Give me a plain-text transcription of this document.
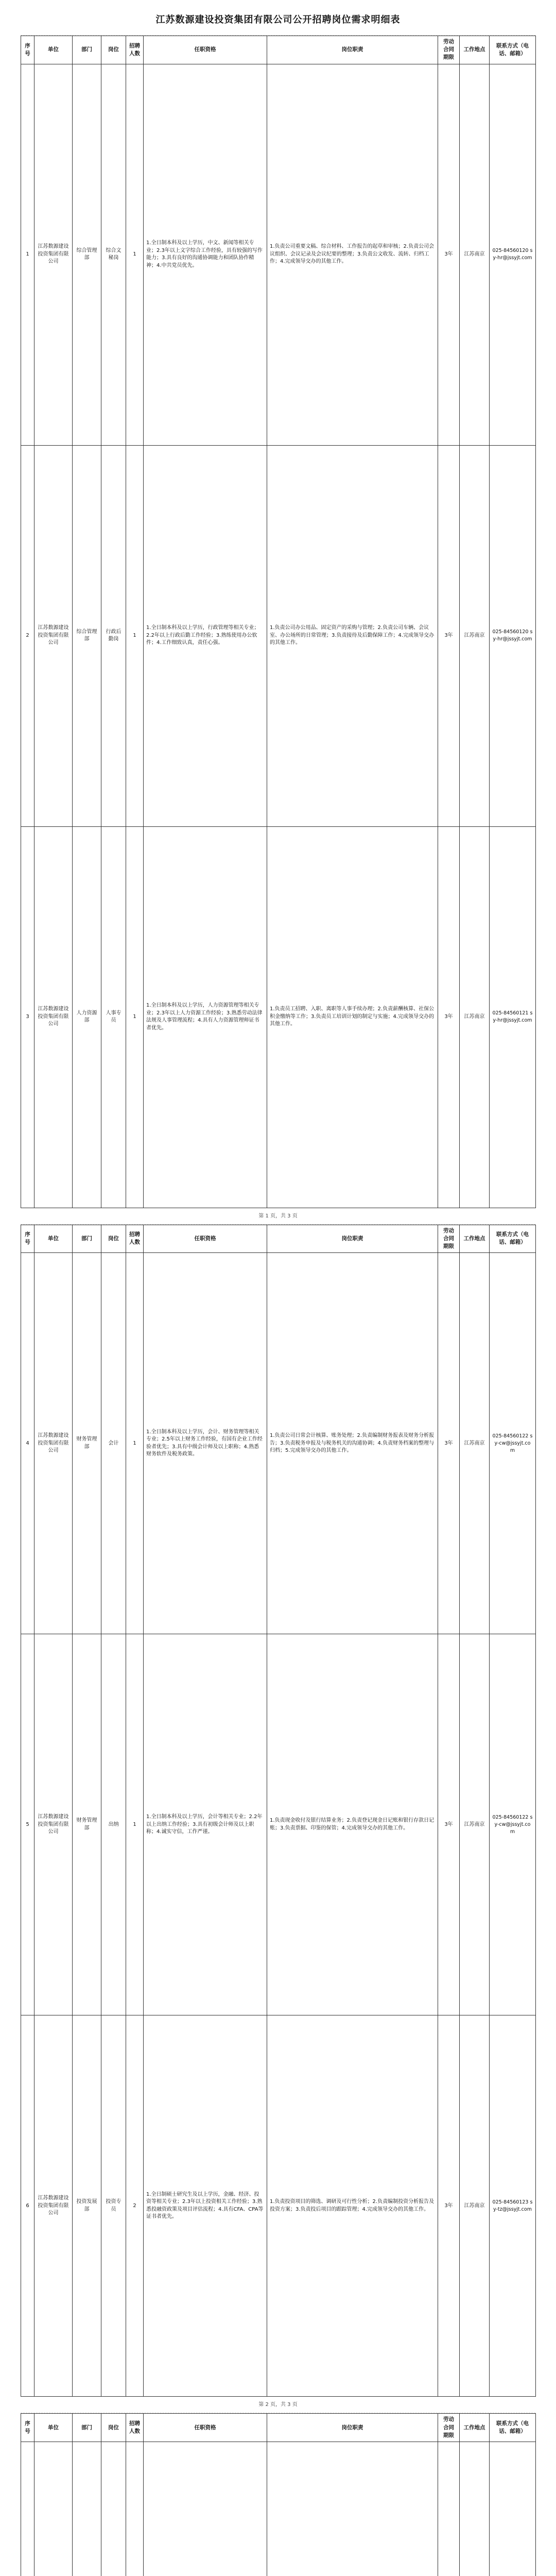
江苏数源建设投资集团有限公司公开招聘岗位需求明细表
序号	单位	部门	岗位	招聘人数	任职资格	岗位职责	劳动合同期限	工作地点	联系方式（电话、邮箱）
1	江苏数源建设投资集团有限公司	综合管理部	综合文秘岗	1	1.全日制本科及以上学历，中文、新闻等相关专业；2.3年以上文字综合工作经验，具有较强的写作能力；3.具有良好的沟通协调能力和团队协作精神；4.中共党员优先。	1.负责公司重要文稿、综合材料、工作报告的起草和审核；2.负责公司会议组织、会议记录及会议纪要的整理；3.负责公文收发、流转、归档工作；4.完成领导交办的其他工作。	3年	江苏南京	025-84560120 sy-hr@jssyjt.com
2	江苏数源建设投资集团有限公司	综合管理部	行政后勤岗	1	1.全日制本科及以上学历，行政管理等相关专业；2.2年以上行政后勤工作经验；3.熟练使用办公软件；4.工作细致认真，责任心强。	1.负责公司办公用品、固定资产的采购与管理；2.负责公司车辆、会议室、办公场所的日常管理；3.负责接待及后勤保障工作；4.完成领导交办的其他工作。	3年	江苏南京	025-84560120 sy-hr@jssyjt.com
3	江苏数源建设投资集团有限公司	人力资源部	人事专员	1	1.全日制本科及以上学历，人力资源管理等相关专业；2.3年以上人力资源工作经验；3.熟悉劳动法律法规及人事管理流程；4.具有人力资源管理师证书者优先。	1.负责员工招聘、入职、离职等人事手续办理；2.负责薪酬核算、社保公积金缴纳等工作；3.负责员工培训计划的制定与实施；4.完成领导交办的其他工作。	3年	江苏南京	025-84560121 sy-hr@jssyjt.com
第 1 页，共 3 页
序号	单位	部门	岗位	招聘人数	任职资格	岗位职责	劳动合同期限	工作地点	联系方式（电话、邮箱）
4	江苏数源建设投资集团有限公司	财务管理部	会计	1	1.全日制本科及以上学历，会计、财务管理等相关专业；2.5年以上财务工作经验，有国有企业工作经验者优先；3.具有中级会计师及以上职称；4.熟悉财务软件及税务政策。	1.负责公司日常会计核算、账务处理；2.负责编制财务报表及财务分析报告；3.负责税务申报及与税务机关的沟通协调；4.负责财务档案的整理与归档；5.完成领导交办的其他工作。	3年	江苏南京	025-84560122 sy-cw@jssyjt.com
5	江苏数源建设投资集团有限公司	财务管理部	出纳	1	1.全日制本科及以上学历，会计等相关专业；2.2年以上出纳工作经验；3.具有初级会计师及以上职称；4.诚实守信，工作严谨。	1.负责现金收付及银行结算业务；2.负责登记现金日记账和银行存款日记账；3.负责票据、印鉴的保管；4.完成领导交办的其他工作。	3年	江苏南京	025-84560122 sy-cw@jssyjt.com
6	江苏数源建设投资集团有限公司	投资发展部	投资专员	2	1.全日制硕士研究生及以上学历，金融、经济、投资等相关专业；2.3年以上投资相关工作经验；3.熟悉投融资政策及项目评估流程；4.具有CFA、CPA等证书者优先。	1.负责投资项目的筛选、调研及可行性分析；2.负责编制投资分析报告及投资方案；3.负责投后项目的跟踪管理；4.完成领导交办的其他工作。	3年	江苏南京	025-84560123 sy-tz@jssyjt.com
第 2 页，共 3 页
序号	单位	部门	岗位	招聘人数	任职资格	岗位职责	劳动合同期限	工作地点	联系方式（电话、邮箱）
